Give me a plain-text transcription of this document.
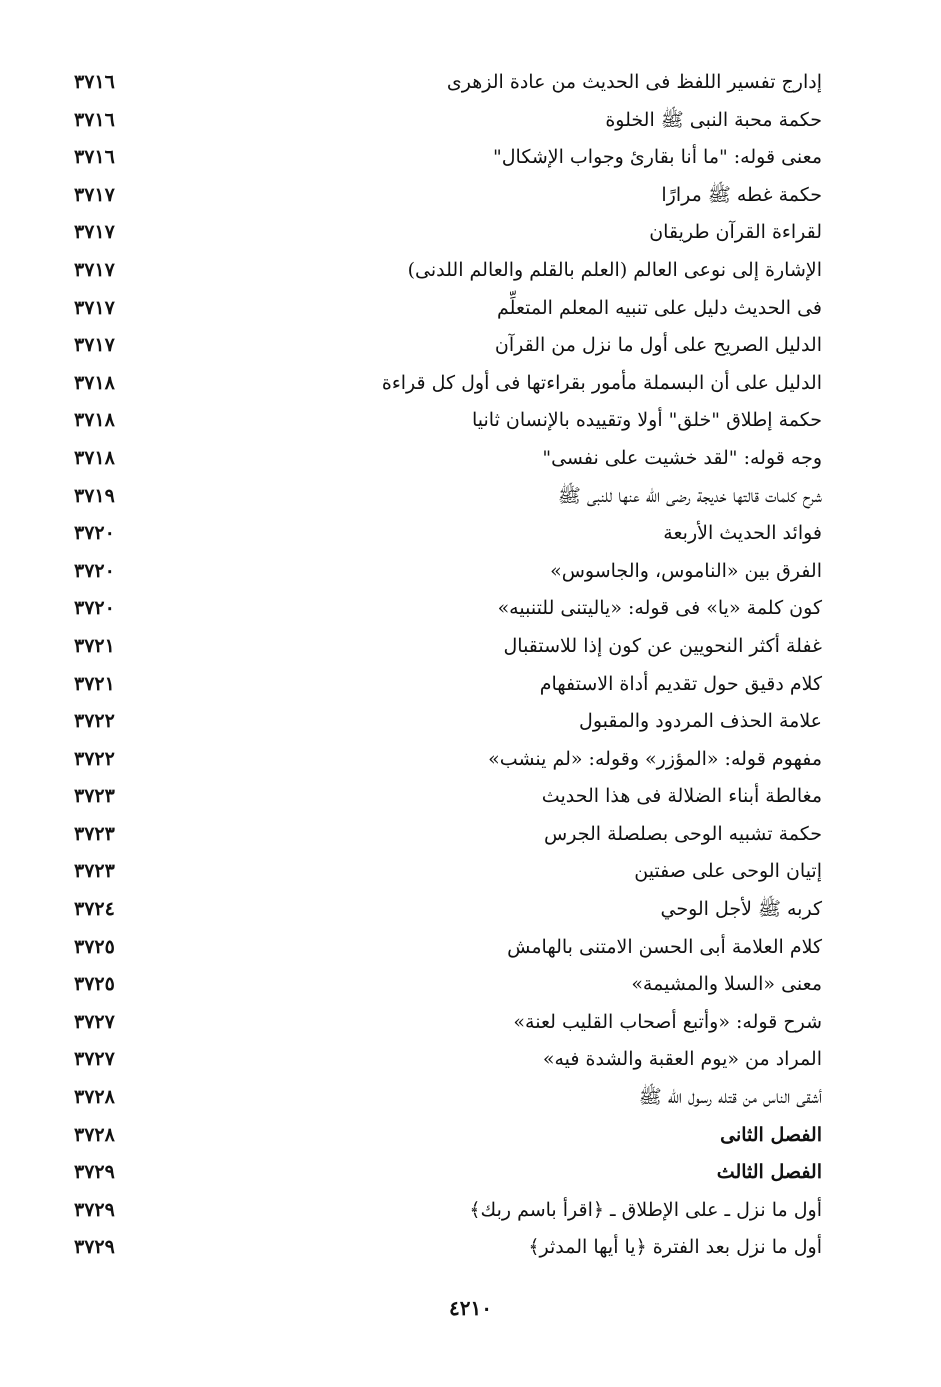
إدارج تفسير اللفظ فى الحديث من عادة الزهرى
٣٧١٦
حكمة محبة النبى ﷺ الخلوة
٣٧١٦
معنى قوله: "ما أنا بقارئ وجواب الإشكال"
٣٧١٦
حكمة غطه ﷺ مرارًا
٣٧١٧
لقراءة القرآن طريقان
٣٧١٧
الإشارة إلى نوعى العالم (العلم بالقلم والعالم اللدنى)
٣٧١٧
فى الحديث دليل على تنبيه المعلم المتعلِّم
٣٧١٧
الدليل الصريح على أول ما نزل من القرآن
٣٧١٧
الدليل على أن البسملة مأمور بقراءتها فى أول كل قراءة
٣٧١٨
حكمة إطلاق "خلق" أولا وتقييده بالإنسان ثانيا
٣٧١٨
وجه قوله: "لقد خشيت على نفسى"
٣٧١٨
شرح كلمات قالتها خديجة رضى الله عنها للنبى ﷺ
٣٧١٩
فوائد الحديث الأربعة
٣٧٢٠
الفرق بين «الناموس، والجاسوس»
٣٧٢٠
كون كلمة «يا» فى قوله: «ياليتنى للتنبيه»
٣٧٢٠
غفلة أكثر النحويين عن كون إذا للاستقبال
٣٧٢١
كلام دقيق حول تقديم أداة الاستفهام
٣٧٢١
علامة الحذف المردود والمقبول
٣٧٢٢
مفهوم قوله: «المؤزر» وقوله: «لم ينشب»
٣٧٢٢
مغالطة أبناء الضلالة فى هذا الحديث
٣٧٢٣
حكمة تشبيه الوحى بصلصلة الجرس
٣٧٢٣
إتيان الوحى على صفتين
٣٧٢٣
كربه ﷺ لأجل الوحي
٣٧٢٤
كلام العلامة أبى الحسن الامتنى بالهامش
٣٧٢٥
معنى «السلا والمشيمة»
٣٧٢٥
شرح قوله: «وأتبع أصحاب القليب لعنة»
٣٧٢٧
المراد من «يوم العقبة والشدة فيه»
٣٧٢٧
أشقى الناس من قتله رسول الله ﷺ
٣٧٢٨
الفصل الثانى
٣٧٢٨
الفصل الثالث
٣٧٢٩
أول ما نزل ـ على الإطلاق ـ ﴿اقرأ باسم ربك﴾
٣٧٢٩
أول ما نزل بعد الفترة ﴿يا أيها المدثر﴾
٣٧٢٩
٤٢١٠
